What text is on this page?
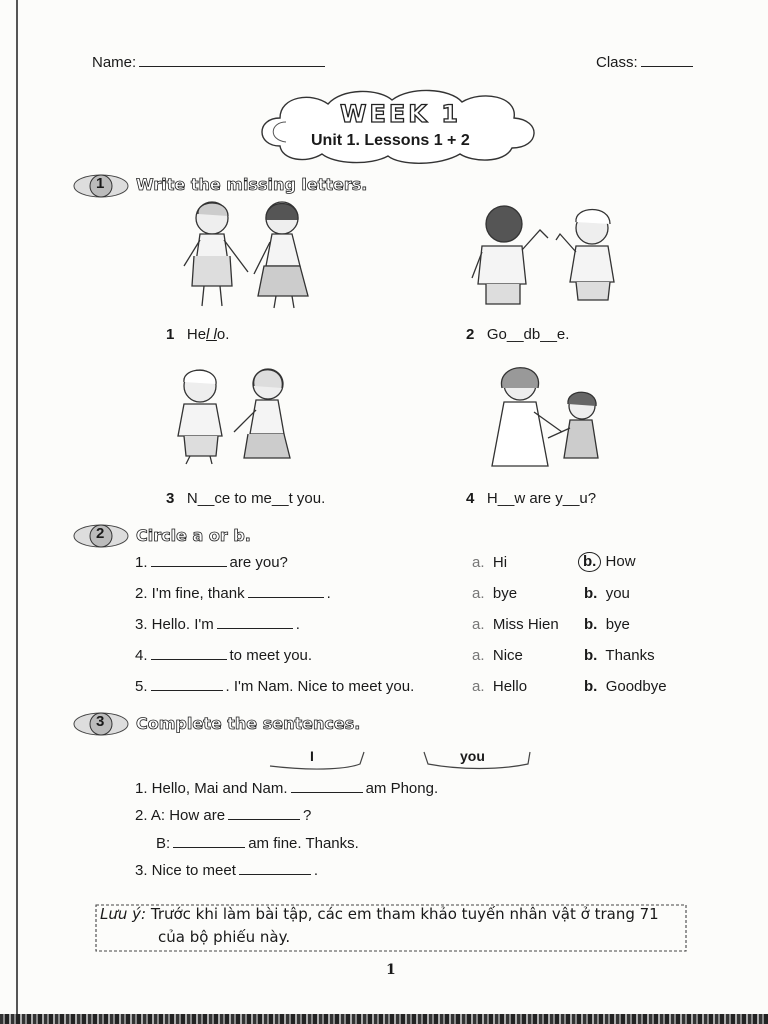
Name:	Class:
WEEK 1
Unit 1. Lessons 1 + 2
1 Write the missing letters.
1 Hel lo.	2 Go__db__e.
3 N__ce to me__t you.	4 H__w are y__u?
2 Circle a or b.
1.	are you?	a. Hi	b. How
2. I'm fine, thank	.	a. bye	b. you
3. Hello. I'm	.	a. Miss Hien b. bye
4.	to meet you.	a. Nice	b. Thanks
5.	. I'm Nam. Nice to meet you.	a. Hello	b. Goodbye
3 Complete the sentences.
I	you
1. Hello, Mai and Nam.	am Phong.
2. A: How are	?
B:	am fine. Thanks.
3. Nice to meet	.
Lưu ý: Trước khi làm bài tập, các em tham khảo tuyến nhân vật ở trang 71
của bộ phiếu này.
1
